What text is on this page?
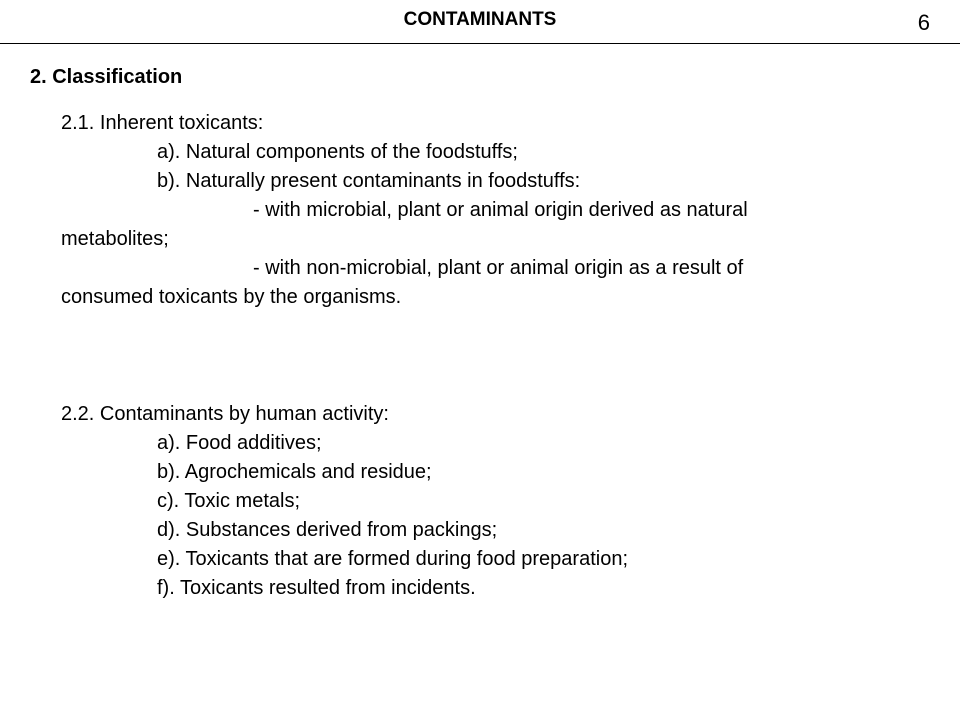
CONTAMINANTS	6
2. Classification
2.1. Inherent toxicants:
a). Natural components of the foodstuffs;
b). Naturally present contaminants in foodstuffs:
- with microbial, plant or animal origin derived as natural
metabolites;
- with non-microbial, plant or animal origin as a result of
consumed toxicants by the organisms.
2.2. Contaminants by human activity:
a). Food additives;
b). Agrochemicals and residue;
c). Toxic metals;
d). Substances derived from packings;
e). Toxicants that are formed during food preparation;
f). Toxicants resulted from incidents.
